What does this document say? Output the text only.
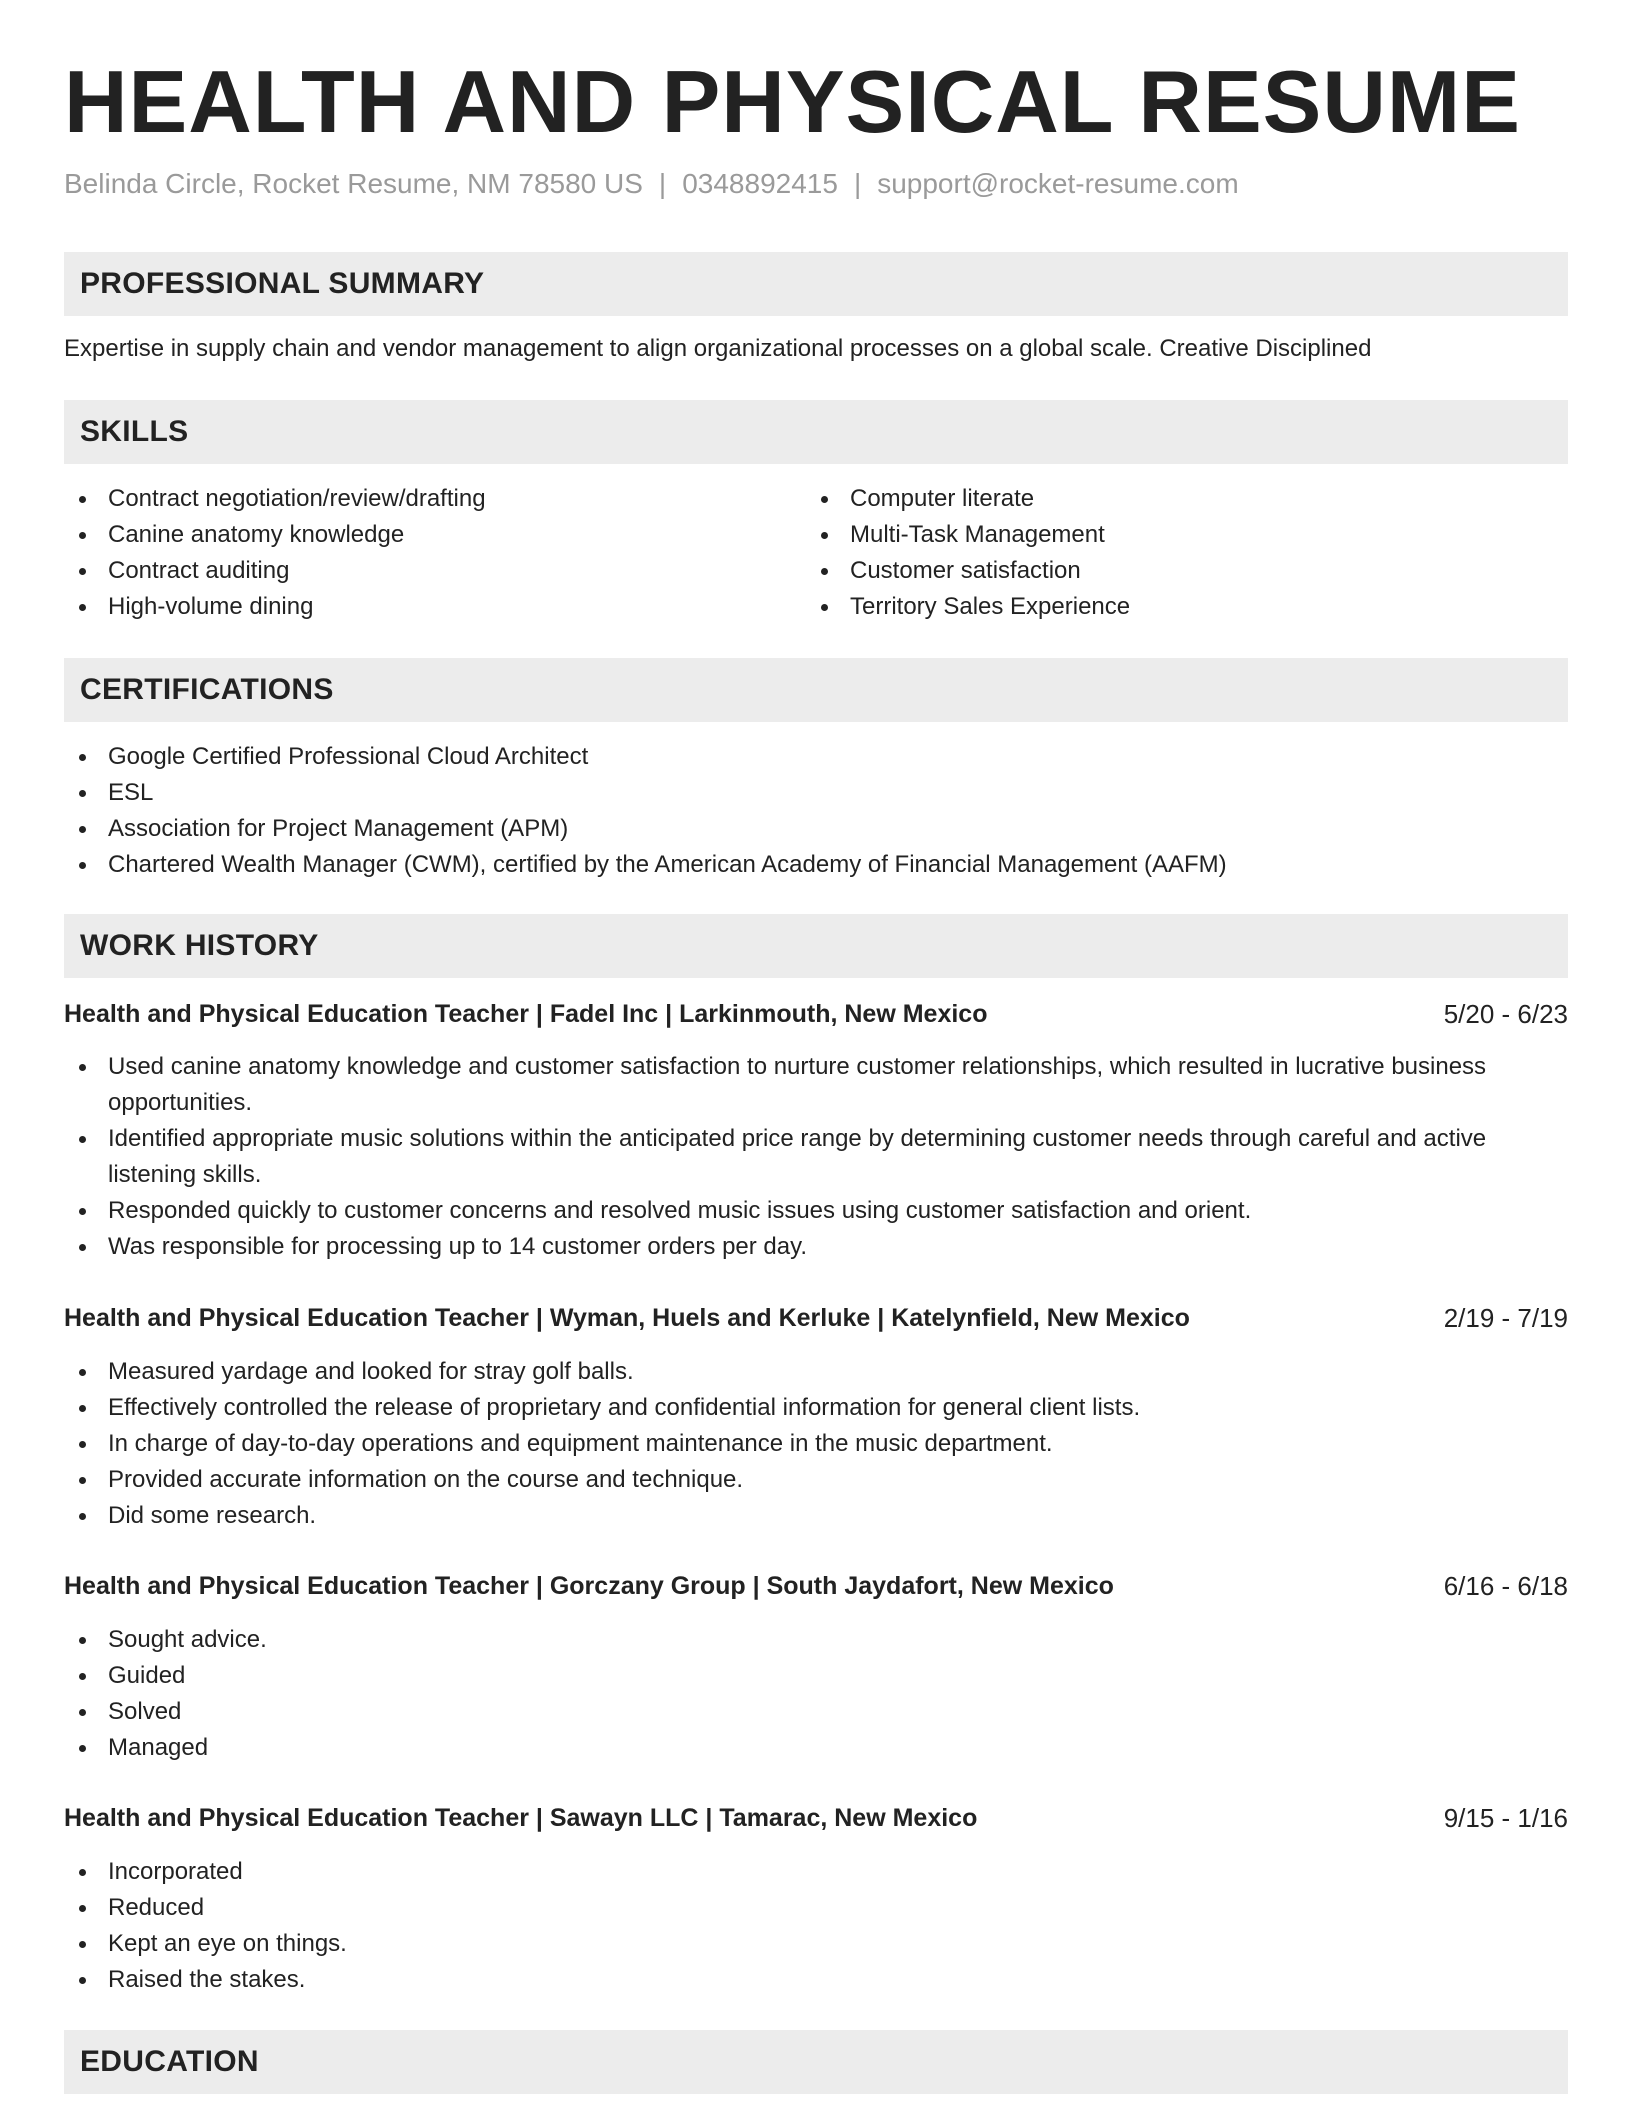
HEALTH AND PHYSICAL RESUME
Belinda Circle, Rocket Resume, NM 78580 US | 0348892415 | support@rocket-resume.com
PROFESSIONAL SUMMARY
Expertise in supply chain and vendor management to align organizational processes on a global scale. Creative Disciplined
SKILLS
Contract negotiation/review/drafting
Canine anatomy knowledge
Contract auditing
High-volume dining
Computer literate
Multi-Task Management
Customer satisfaction
Territory Sales Experience
CERTIFICATIONS
Google Certified Professional Cloud Architect
ESL
Association for Project Management (APM)
Chartered Wealth Manager (CWM), certified by the American Academy of Financial Management (AAFM)
WORK HISTORY
Health and Physical Education Teacher | Fadel Inc | Larkinmouth, New Mexico	5/20 - 6/23
Used canine anatomy knowledge and customer satisfaction to nurture customer relationships, which resulted in lucrative business opportunities.
Identified appropriate music solutions within the anticipated price range by determining customer needs through careful and active listening skills.
Responded quickly to customer concerns and resolved music issues using customer satisfaction and orient.
Was responsible for processing up to 14 customer orders per day.
Health and Physical Education Teacher | Wyman, Huels and Kerluke | Katelynfield, New Mexico	2/19 - 7/19
Measured yardage and looked for stray golf balls.
Effectively controlled the release of proprietary and confidential information for general client lists.
In charge of day-to-day operations and equipment maintenance in the music department.
Provided accurate information on the course and technique.
Did some research.
Health and Physical Education Teacher | Gorczany Group | South Jaydafort, New Mexico	6/16 - 6/18
Sought advice.
Guided
Solved
Managed
Health and Physical Education Teacher | Sawayn LLC | Tamarac, New Mexico	9/15 - 1/16
Incorporated
Reduced
Kept an eye on things.
Raised the stakes.
EDUCATION
